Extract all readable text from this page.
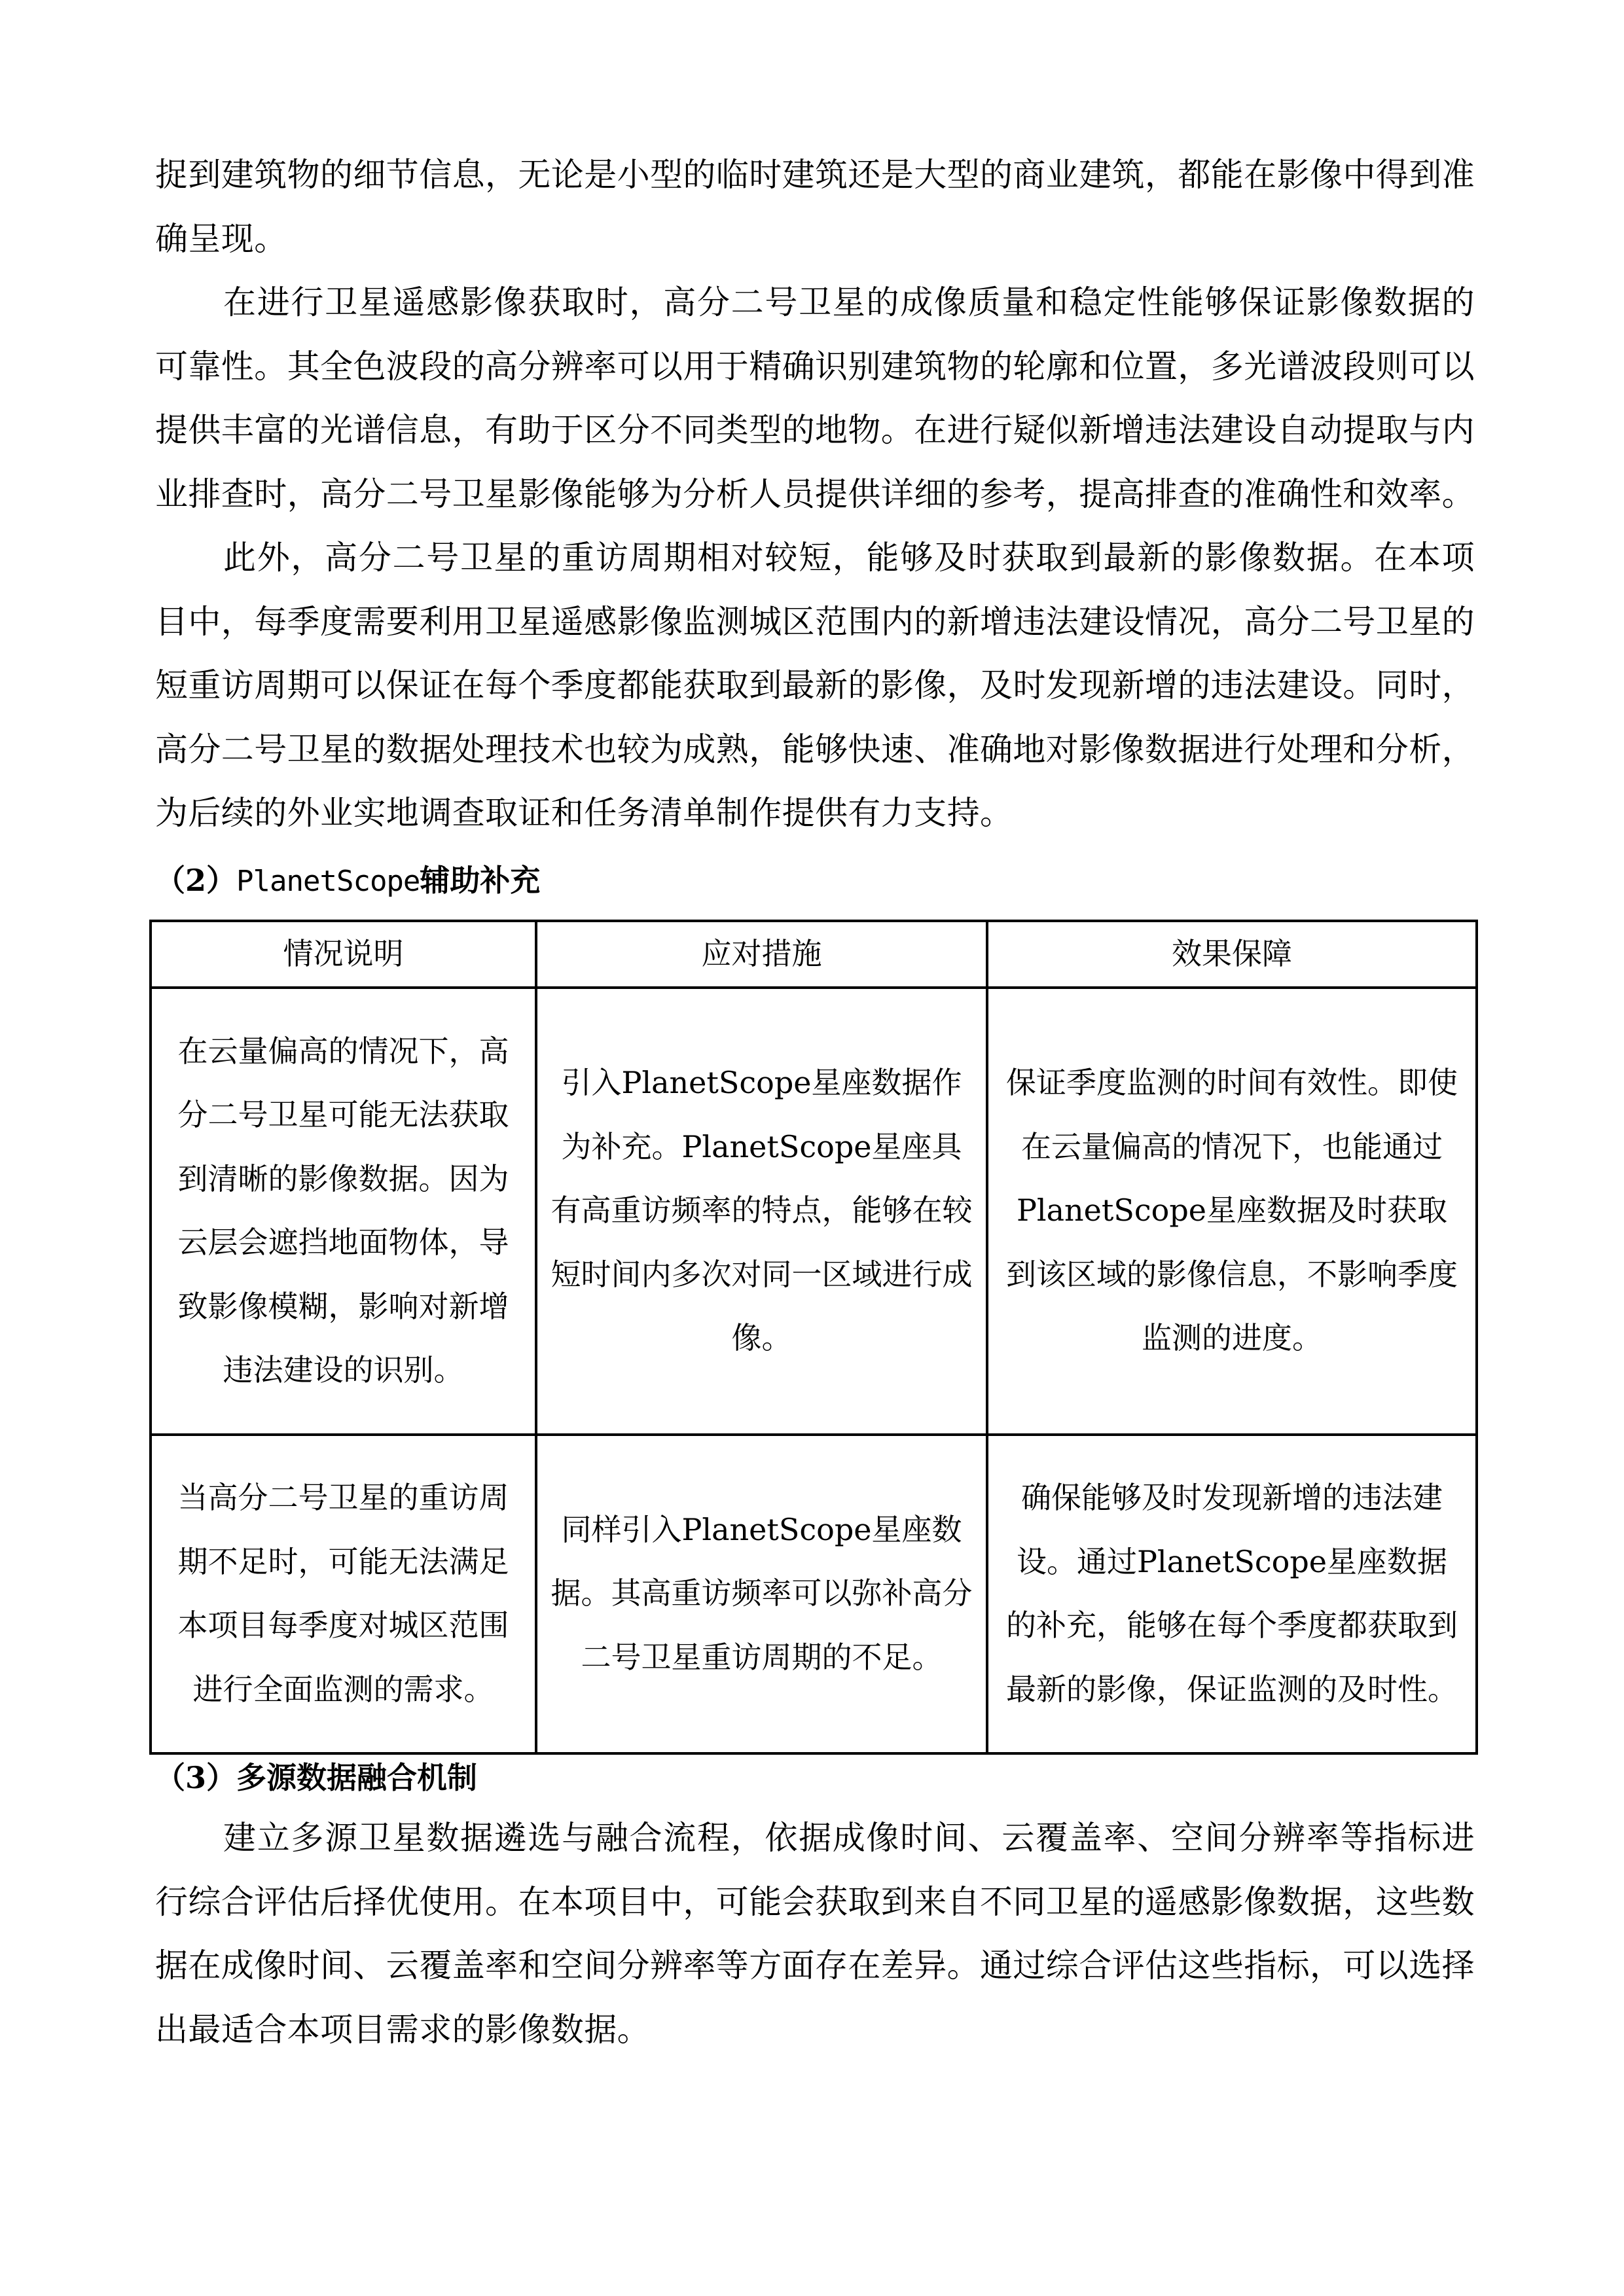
捉到建筑物的细节信息，无论是小型的临时建筑还是大型的商业建筑，都能在影像中得到准确呈现。

在进行卫星遥感影像获取时，高分二号卫星的成像质量和稳定性能够保证影像数据的可靠性。其全色波段的高分辨率可以用于精确识别建筑物的轮廓和位置，多光谱波段则可以提供丰富的光谱信息，有助于区分不同类型的地物。在进行疑似新增违法建设自动提取与内业排查时，高分二号卫星影像能够为分析人员提供详细的参考，提高排查的准确性和效率。

此外，高分二号卫星的重访周期相对较短，能够及时获取到最新的影像数据。在本项目中，每季度需要利用卫星遥感影像监测城区范围内的新增违法建设情况，高分二号卫星的短重访周期可以保证在每个季度都能获取到最新的影像，及时发现新增的违法建设。同时，高分二号卫星的数据处理技术也较为成熟，能够快速、准确地对影像数据进行处理和分析，为后续的外业实地调查取证和任务清单制作提供有力支持。

（2）PlanetScope辅助补充
情况说明	应对措施	效果保障
在云量偏高的情况下，高分二号卫星可能无法获取到清晰的影像数据。因为云层会遮挡地面物体，导致影像模糊，影响对新增违法建设的识别。	引入PlanetScope星座数据作为补充。PlanetScope星座具有高重访频率的特点，能够在较短时间内多次对同一区域进行成像。	保证季度监测的时间有效性。即使在云量偏高的情况下，也能通过PlanetScope星座数据及时获取到该区域的影像信息，不影响季度监测的进度。
当高分二号卫星的重访周期不足时，可能无法满足本项目每季度对城区范围进行全面监测的需求。	同样引入PlanetScope星座数据。其高重访频率可以弥补高分二号卫星重访周期的不足。	确保能够及时发现新增的违法建设。通过PlanetScope星座数据的补充，能够在每个季度都获取到最新的影像，保证监测的及时性。
（3）多源数据融合机制

建立多源卫星数据遴选与融合流程，依据成像时间、云覆盖率、空间分辨率等指标进行综合评估后择优使用。在本项目中，可能会获取到来自不同卫星的遥感影像数据，这些数据在成像时间、云覆盖率和空间分辨率等方面存在差异。通过综合评估这些指标，可以选择出最适合本项目需求的影像数据。
